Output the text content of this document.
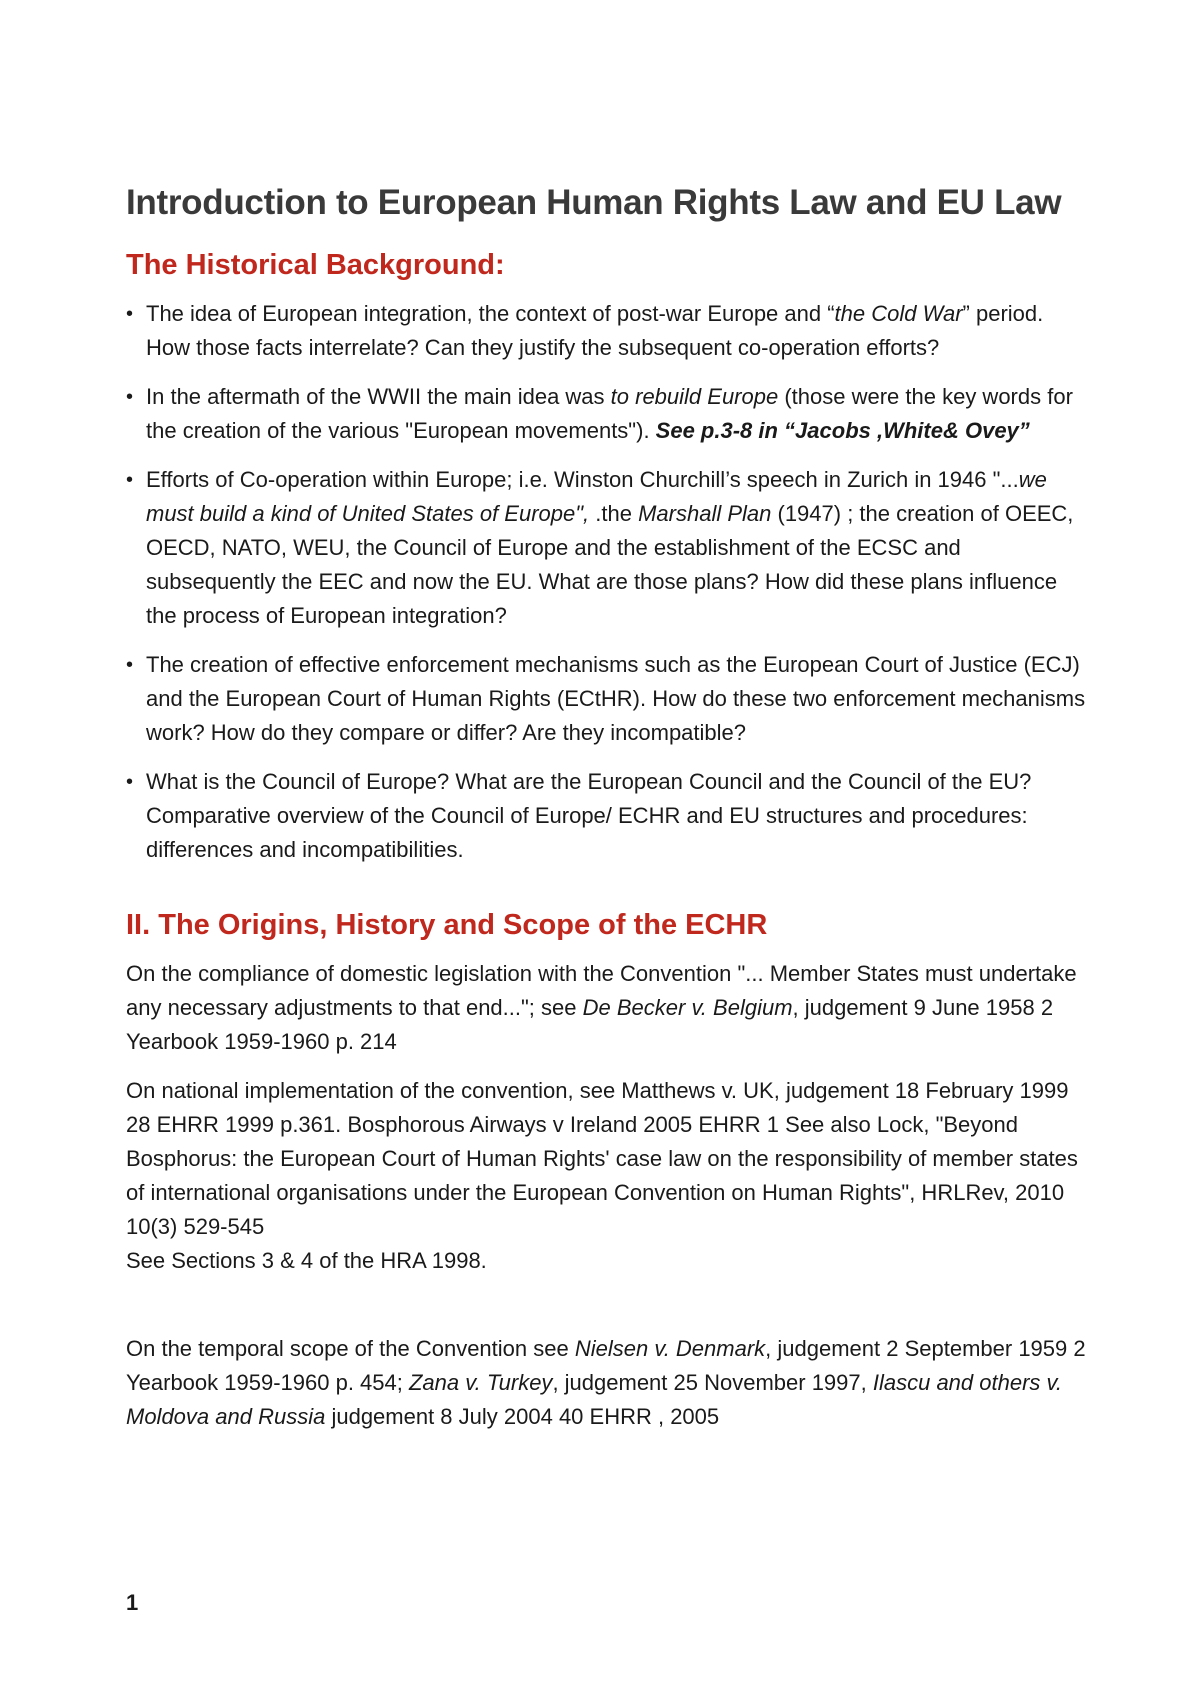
Introduction to European Human Rights Law and EU Law
The Historical Background:
• The idea of European integration, the context of post-war Europe and “the Cold War” period. How those facts interrelate? Can they justify the subsequent co-operation efforts?
• In the aftermath of the WWII the main idea was to rebuild Europe (those were the key words for the creation of the various "European movements"). See p.3-8 in “Jacobs ,White& Ovey”
• Efforts of Co-operation within Europe; i.e. Winston Churchill’s speech in Zurich in 1946 "...we must build a kind of United States of Europe", .the Marshall Plan (1947) ; the creation of OEEC, OECD, NATO, WEU, the Council of Europe and the establishment of the ECSC and subsequently the EEC and now the EU. What are those plans? How did these plans influence the process of European integration?
• The creation of effective enforcement mechanisms such as the European Court of Justice (ECJ) and the European Court of Human Rights (ECtHR). How do these two enforcement mechanisms work? How do they compare or differ? Are they incompatible?
• What is the Council of Europe? What are the European Council and the Council of the EU? Comparative overview of the Council of Europe/ ECHR and EU structures and procedures: differences and incompatibilities.
II. The Origins, History and Scope of the ECHR

On the compliance of domestic legislation with the Convention "... Member States must undertake any necessary adjustments to that end..."; see De Becker v. Belgium, judgement 9 June 1958 2 Yearbook 1959-1960 p. 214

On national implementation of the convention, see Matthews v. UK, judgement 18 February 1999 28 EHRR 1999 p.361. Bosphorous Airways v Ireland 2005 EHRR 1 See also Lock, "Beyond Bosphorus: the European Court of Human Rights' case law on the responsibility of member states of international organisations under the European Convention on Human Rights", HRLRev, 2010 10(3) 529-545

See Sections 3 & 4 of the HRA 1998.

On the temporal scope of the Convention see Nielsen v. Denmark, judgement 2 September 1959 2 Yearbook 1959-1960 p. 454; Zana v. Turkey, judgement 25 November 1997, Ilascu and others v. Moldova and Russia judgement 8 July 2004 40 EHRR , 2005

1
